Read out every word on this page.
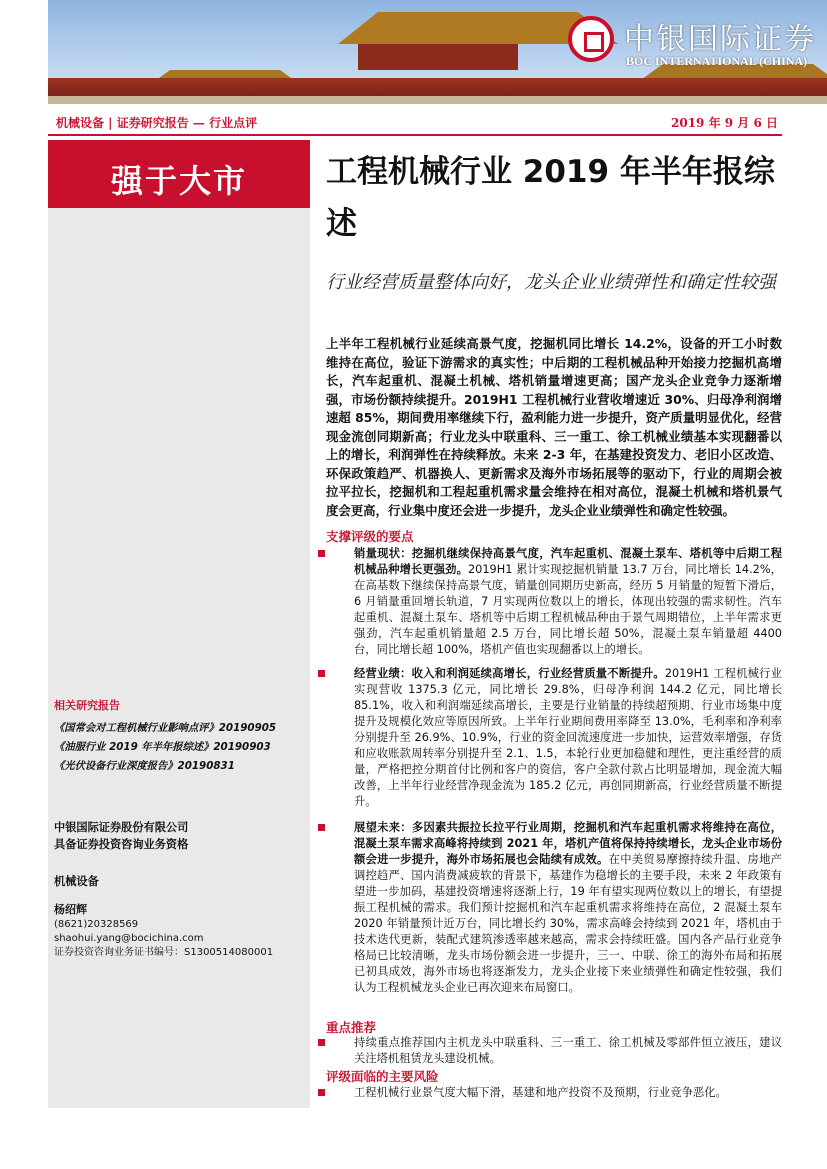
中银国际证券
BOC INTERNATIONAL (CHINA)
机械设备 | 证券研究报告 — 行业点评	2019 年 9 月 6 日
强于大市	工程机械行业 2019 年半年报综述
行业经营质量整体向好，龙头企业业绩弹性和确定性较强
上半年工程机械行业延续高景气度，挖掘机同比增长 14.2%，设备的开工小时数维持在高位，验证下游需求的真实性；中后期的工程机械品种开始接力挖掘机高增长，汽车起重机、混凝土机械、塔机销量增速更高；国产龙头企业竞争力逐渐增强，市场份额持续提升。2019H1 工程机械行业营收增速近 30%、归母净利润增速超 85%，期间费用率继续下行，盈利能力进一步提升，资产质量明显优化，经营现金流创同期新高；行业龙头中联重科、三一重工、徐工机械业绩基本实现翻番以上的增长，利润弹性在持续释放。未来 2-3 年，在基建投资发力、老旧小区改造、环保政策趋严、机器换人、更新需求及海外市场拓展等的驱动下，行业的周期会被拉平拉长，挖掘机和工程起重机需求量会维持在相对高位，混凝土机械和塔机景气度会更高，行业集中度还会进一步提升，龙头企业业绩弹性和确定性较强。
支撑评级的要点
销量现状：挖掘机继续保持高景气度，汽车起重机、混凝土泵车、塔机等中后期工程机械品种增长更强劲。2019H1 累计实现挖掘机销量 13.7 万台，同比增长 14.2%，在高基数下继续保持高景气度，销量创同期历史新高，经历 5 月销量的短暂下滑后，6 月销量重回增长轨道，7 月实现两位数以上的增长，体现出较强的需求韧性。汽车起重机、混凝土泵车、塔机等中后期工程机械品种由于景气周期错位，上半年需求更强劲，汽车起重机销量超 2.5 万台，同比增长超 50%，混凝土泵车销量超 4400 台，同比增长超 100%，塔机产值也实现翻番以上的增长。
经营业绩：收入和利润延续高增长，行业经营质量不断提升。2019H1 工程机械行业实现营收 1375.3 亿元，同比增长 29.8%，归母净利润 144.2 亿元，同比增长 85.1%，收入和利润端延续高增长，主要是行业销量的持续超预期、行业市场集中度提升及规模化效应等原因所致。上半年行业期间费用率降至 13.0%，毛利率和净利率分别提升至 26.9%、10.9%，行业的资金回流速度进一步加快，运营效率增强，存货和应收账款周转率分别提升至 2.1、1.5，本轮行业更加稳健和理性，更注重经营的质量，严格把控分期首付比例和客户的资信，客户全款付款占比明显增加，现金流大幅改善，上半年行业经营净现金流为 185.2 亿元，再创同期新高，行业经营质量不断提升。
展望未来：多因素共振拉长拉平行业周期，挖掘机和汽车起重机需求将维持在高位，混凝土泵车需求高峰将持续到 2021 年，塔机产值将保持持续增长，龙头企业市场份额会进一步提升，海外市场拓展也会陆续有成效。在中美贸易摩擦持续升温、房地产调控趋严、国内消费减疲软的背景下，基建作为稳增长的主要手段，未来 2 年政策有望进一步加码，基建投资增速将逐渐上行，19 年有望实现两位数以上的增长，有望提振工程机械的需求。我们预计挖掘机和汽车起重机需求将维持在高位，2 混凝土泵车 2020 年销量预计近万台，同比增长约 30%，需求高峰会持续到 2021 年，塔机由于技术迭代更新，装配式建筑渗透率越来越高，需求会持续旺盛。国内各产品行业竞争格局已比较清晰，龙头市场份额会进一步提升，三一、中联、徐工的海外布局和拓展已初具成效，海外市场也将逐渐发力，龙头企业接下来业绩弹性和确定性较强，我们认为工程机械龙头企业已再次迎来布局窗口。
重点推荐
持续重点推荐国内主机龙头中联重科、三一重工、徐工机械及零部件恒立液压，建议关注塔机租赁龙头建设机械。
评级面临的主要风险
工程机械行业景气度大幅下滑，基建和地产投资不及预期，行业竞争恶化。
相关研究报告
《国常会对工程机械行业影响点评》20190905
《油服行业 2019 年半年报综述》20190903
《光伏设备行业深度报告》20190831
中银国际证券股份有限公司
具备证券投资咨询业务资格
机械设备
杨绍辉
(8621)20328569
shaohui.yang@bocichina.com
证券投资咨询业务证书编号：S1300514080001
